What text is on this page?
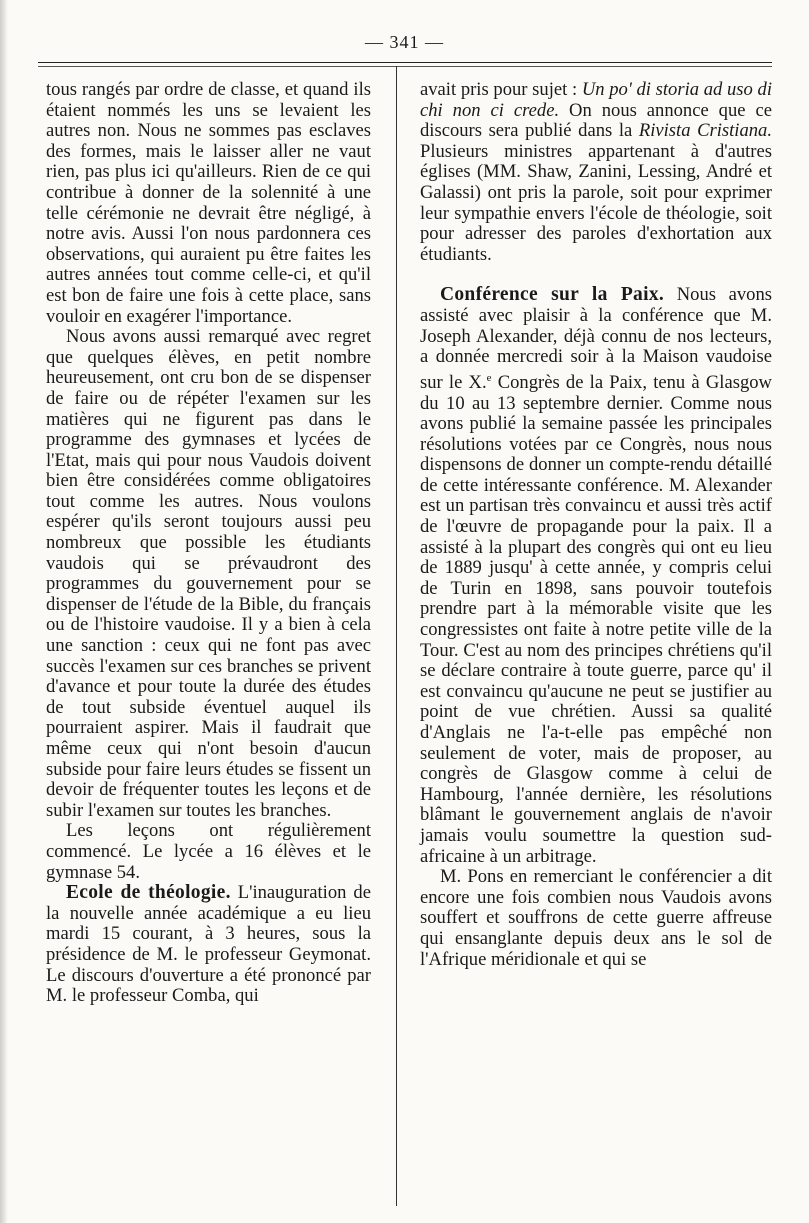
— 341 —

tous rangés par ordre de classe, et quand ils étaient nommés les uns se levaient les autres non. Nous ne sommes pas esclaves des formes, mais le laisser aller ne vaut rien, pas plus ici qu'ailleurs. Rien de ce qui contribue à donner de la solennité à une telle cérémonie ne devrait être négligé, à notre avis. Aussi l'on nous pardonnera ces observations, qui auraient pu être faites les autres années tout comme celle-ci, et qu'il est bon de faire une fois à cette place, sans vouloir en exagérer l'importance.

Nous avons aussi remarqué avec regret que quelques élèves, en petit nombre heureusement, ont cru bon de se dispenser de faire ou de répéter l'examen sur les matières qui ne figurent pas dans le programme des gymnases et lycées de l'Etat, mais qui pour nous Vaudois doivent bien être considérées comme obligatoires tout comme les autres. Nous voulons espérer qu'ils seront toujours aussi peu nombreux que possible les étudiants vaudois qui se prévaudront des programmes du gouvernement pour se dispenser de l'étude de la Bible, du français ou de l'histoire vaudoise. Il y a bien à cela une sanction : ceux qui ne font pas avec succès l'examen sur ces branches se privent d'avance et pour toute la durée des études de tout subside éventuel auquel ils pourraient aspirer. Mais il faudrait que même ceux qui n'ont besoin d'aucun subside pour faire leurs études se fissent un devoir de fréquenter toutes les leçons et de subir l'examen sur toutes les branches.

Les leçons ont régulièrement commencé. Le lycée a 16 élèves et le gymnase 54.

Ecole de théologie. L'inauguration de la nouvelle année académique a eu lieu mardi 15 courant, à 3 heures, sous la présidence de M. le professeur Geymonat. Le discours d'ouverture a été prononcé par M. le professeur Comba, qui

avait pris pour sujet : Un po' di storia ad uso di chi non ci crede. On nous annonce que ce discours sera publié dans la Rivista Cristiana. Plusieurs ministres appartenant à d'autres églises (MM. Shaw, Zanini, Lessing, André et Galassi) ont pris la parole, soit pour exprimer leur sympathie envers l'école de théologie, soit pour adresser des paroles d'exhortation aux étudiants.

Conférence sur la Paix. Nous avons assisté avec plaisir à la conférence que M. Joseph Alexander, déjà connu de nos lecteurs, a donnée mercredi soir à la Maison vaudoise sur le X.$^e$ Congrès de la Paix, tenu à Glasgow du 10 au 13 septembre dernier. Comme nous avons publié la semaine passée les principales résolutions votées par ce Congrès, nous nous dispensons de donner un compte-rendu détaillé de cette intéressante conférence. M. Alexander est un partisan très convaincu et aussi très actif de l'œuvre de propagande pour la paix. Il a assisté à la plupart des congrès qui ont eu lieu de 1889 jusqu' à cette année, y compris celui de Turin en 1898, sans pouvoir toutefois prendre part à la mémorable visite que les congressistes ont faite à notre petite ville de la Tour. C'est au nom des principes chrétiens qu'il se déclare contraire à toute guerre, parce qu' il est convaincu qu'aucune ne peut se justifier au point de vue chrétien. Aussi sa qualité d'Anglais ne l'a-t-elle pas empêché non seulement de voter, mais de proposer, au congrès de Glasgow comme à celui de Hambourg, l'année dernière, les résolutions blâmant le gouvernement anglais de n'avoir jamais voulu soumettre la question sud-africaine à un arbitrage.

M. Pons en remerciant le conférencier a dit encore une fois combien nous Vaudois avons souffert et souffrons de cette guerre affreuse qui ensanglante depuis deux ans le sol de l'Afrique méridionale et qui se
